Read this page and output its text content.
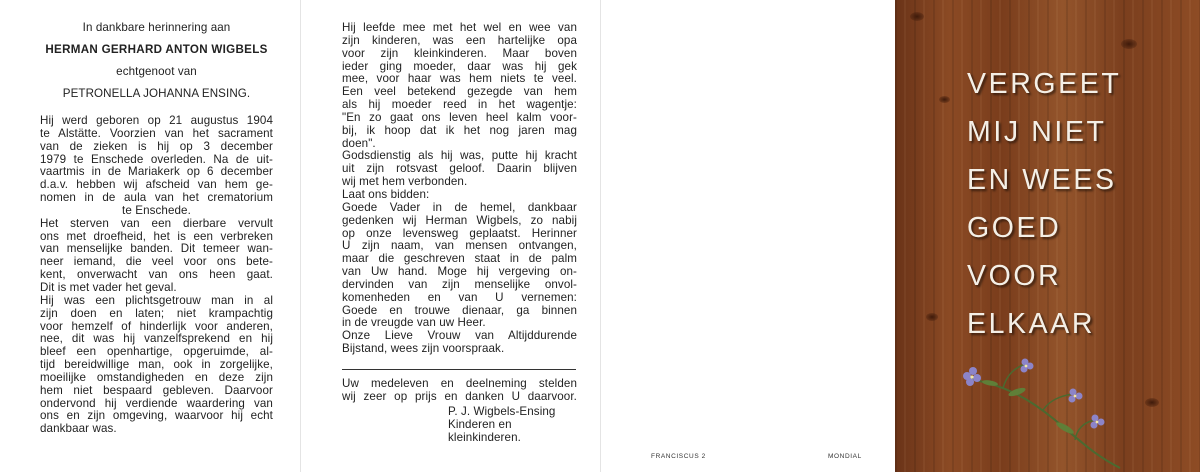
In dankbare herinnering aan
HERMAN GERHARD ANTON WIGBELS
echtgenoot van
PETRONELLA JOHANNA ENSING.
Hij werd geboren op 21 augustus 1904
te Alstätte. Voorzien van het sacrament
van de zieken is hij op 3 december
1979 te Enschede overleden. Na de uit-
vaartmis in de Mariakerk op 6 december
d.a.v. hebben wij afscheid van hem ge-
nomen in de aula van het crematorium
te Enschede.
Het sterven van een dierbare vervult
ons met droefheid, het is een verbreken
van menselijke banden. Dit temeer wan-
neer iemand, die veel voor ons bete-
kent, onverwacht van ons heen gaat.
Dit is met vader het geval.
Hij was een plichtsgetrouw man in al
zijn doen en laten; niet krampachtig
voor hemzelf of hinderlijk voor anderen,
nee, dit was hij vanzelfsprekend en hij
bleef een openhartige, opgeruimde, al-
tijd bereidwillige man, ook in zorgelijke,
moeilijke omstandigheden en deze zijn
hem niet bespaard gebleven. Daarvoor
ondervond hij verdiende waardering van
ons en zijn omgeving, waarvoor hij echt
dankbaar was.
Hij leefde mee met het wel en wee van
zijn kinderen, was een hartelijke opa
voor zijn kleinkinderen. Maar boven
ieder ging moeder, daar was hij gek
mee, voor haar was hem niets te veel.
Een veel betekend gezegde van hem
als hij moeder reed in het wagentje:
"En zo gaat ons leven heel kalm voor-
bij, ik hoop dat ik het nog jaren mag
doen".
Godsdienstig als hij was, putte hij kracht
uit zijn rotsvast geloof. Daarin blijven
wij met hem verbonden.
Laat ons bidden:
Goede Vader in de hemel, dankbaar
gedenken wij Herman Wigbels, zo nabij
op onze levensweg geplaatst. Herinner
U zijn naam, van mensen ontvangen,
maar die geschreven staat in de palm
van Uw hand. Moge hij vergeving on-
dervinden van zijn menselijke onvol-
komenheden en van U vernemen:
Goede en trouwe dienaar, ga binnen
in de vreugde van uw Heer.
Onze Lieve Vrouw van Altijddurende
Bijstand, wees zijn voorspraak.
Uw medeleven en deelneming stelden
wij zeer op prijs en danken U daarvoor.
P. J. Wigbels-Ensing
Kinderen en
kleinkinderen.
FRANCISCUS 2	MONDIAL
VERGEET
MIJ NIET
EN WEES
GOED
VOOR
ELKAAR
